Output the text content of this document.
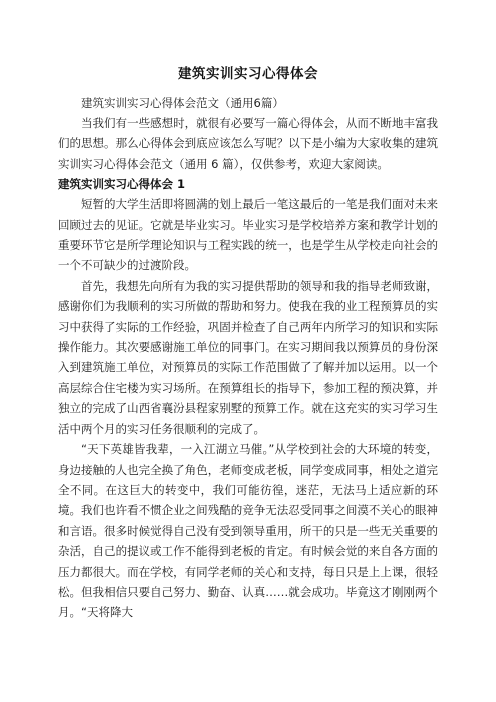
建筑实训实习心得体会

建筑实训实习心得体会范文（通用6篇）

当我们有一些感想时，就很有必要写一篇心得体会，从而不断地丰富我们的思想。那么心得体会到底应该怎么写呢？以下是小编为大家收集的建筑实训实习心得体会范文（通用 6 篇），仅供参考，欢迎大家阅读。

建筑实训实习心得体会 1

短暂的大学生活即将圆满的划上最后一笔这最后的一笔是我们面对未来回顾过去的见证。它就是毕业实习。毕业实习是学校培养方案和教学计划的重要环节它是所学理论知识与工程实践的统一，也是学生从学校走向社会的一个不可缺少的过渡阶段。

首先，我想先向所有为我的实习提供帮助的领导和我的指导老师致谢，感谢你们为我顺利的实习所做的帮助和努力。使我在我的业工程预算员的实习中获得了实际的工作经验，巩固并检查了自己两年内所学习的知识和实际操作能力。其次要感谢施工单位的同事门。在实习期间我以预算员的身份深入到建筑施工单位，对预算员的实际工作范围做了了解并加以运用。以一个高层综合住宅楼为实习场所。在预算组长的指导下，参加工程的预决算，并独立的完成了山西省襄汾县程家别墅的预算工作。就在这充实的实习学习生活中两个月的实习任务很顺利的完成了。

“天下英雄皆我辈，一入江湖立马催。”从学校到社会的大环境的转变，身边接触的人也完全换了角色，老师变成老板，同学变成同事，相处之道完全不同。在这巨大的转变中，我们可能彷徨，迷茫，无法马上适应新的环境。我们也许看不惯企业之间残酷的竞争无法忍受同事之间漠不关心的眼神和言语。很多时候觉得自己没有受到领导重用，所干的只是一些无关重要的杂活，自己的提议或工作不能得到老板的肯定。有时候会觉的来自各方面的压力都很大。而在学校，有同学老师的关心和支持，每日只是上上课，很轻松。但我相信只要自己努力、勤奋、认真……就会成功。毕竟这才刚刚两个月。“天将降大
